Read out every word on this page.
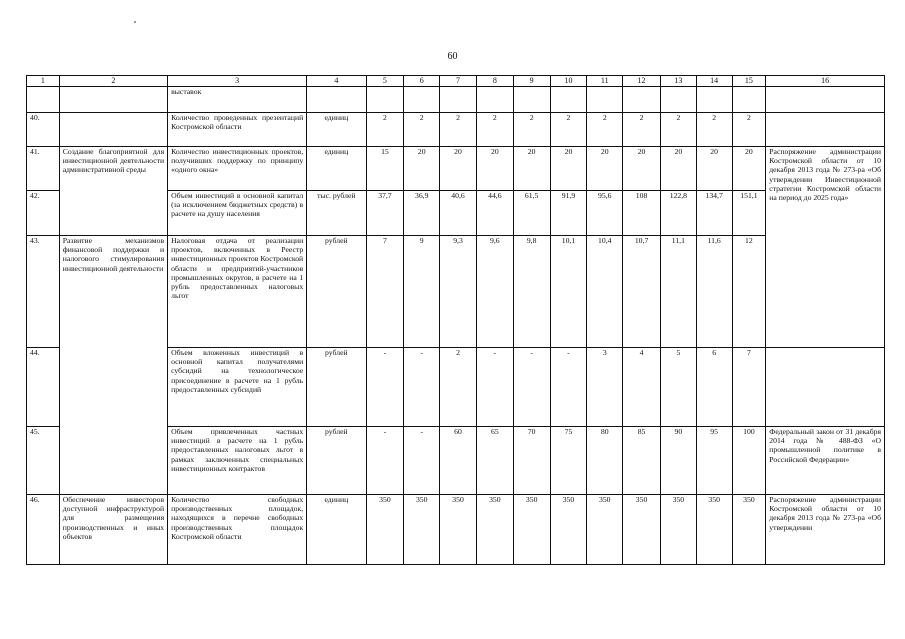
60
1	2	3	4	5	6	7	8	9	10	11	12	13	14	15	16
		выставок													
40.		Количество проведенных презентаций Костромской области	единиц	2	2	2	2	2	2	2	2	2	2	2	
41.	Создание благоприятной для инвестиционной деятельности административной среды	Количество инвестиционных проектов, получивших поддержку по принципу «одного окна»	единиц	15	20	20	20	20	20	20	20	20	20	20	Распоряжение администрации Костромской области от 10 декабря 2013 года № 273-ра «Об утверждении Инвестиционной стратегии Костромской области на период до 2025 года»
42.		Объем инвестиций в основной капитал (за исключением бюджетных средств) в расчете на душу населения	тыс. рублей	37,7	36,9	40,6	44,6	61,5	91,9	95,6	108	122,8	134,7	151,1	
43.	Развитие механизмов финансовой поддержки и налогового стимулирования инвестиционной деятельности	Налоговая отдача от реализации проектов, включенных в Реестр инвестиционных проектов Костромской области и предприятий-участников промышленных округов, в расчете на 1 рубль предоставленных налоговых льгот	рублей	7	9	9,3	9,6	9,8	10,1	10,4	10,7	11,1	11,6	12	
44.		Объем вложенных инвестиций в основной капитал получателями субсидий на технологическое присоединение в расчете на 1 рубль предоставленных субсидий	рублей	-	-	2	-	-	-	3	4	5	6	7	
45.		Объем привлеченных частных инвестиций в расчете на 1 рубль предоставленных налоговых льгот в рамках заключенных специальных инвестиционных контрактов	рублей	-	-	60	65	70	75	80	85	90	95	100	Федеральный закон от 31 декабря 2014 года № 488-ФЗ «О промышленной политике в Российской Федерации»
46.	Обеспечение инвесторов доступной инфраструктурой для размещения производственных и иных объектов	Количество свободных производственных площадок, находящихся в перечне свободных производственных площадок Костромской области	единиц	350	350	350	350	350	350	350	350	350	350	350	Распоряжение администрации Костромской области от 10 декабря 2013 года № 273-ра «Об утверждении
